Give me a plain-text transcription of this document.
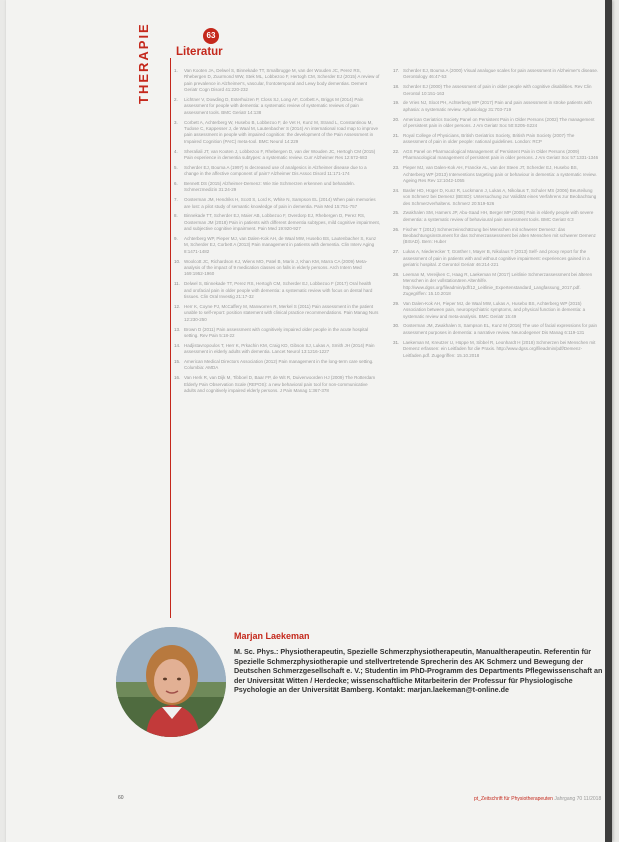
THERAPIE	63
Literatur
1.	Van Kooten JA, Delwel S, Binnekade TT, Smalbrugge M, van der Wouden JC, Perez RS, Rhebergen D, Zuurmond WW, Stek ML, Lobbezoo F, Hertogh CM, Scherder EJ (2015) A review of pain prevalence in Alzheimer's, vascular, frontotemporal and Lewy body dementias. Dement Geriatr Cogn Disord 41:220-232
2.	Lichtner V, Dowding D, Esterhuizen P, Closs SJ, Long AF, Corbett A, Briggs M (2014) Pain assessment for people with dementia: a systematic review of systematic reviews of pain assessment tools. BMC Geriatr 14:138
3.	Corbett A, Achterberg W, Husebo B, Lobbezoo F, de Vet H, Kunz M, Strand L, Constantinou M, Tudose C, Kappesser J, de Waal M, Lautenbacher S (2014) An international road map to improve pain assessment in people with impaired cognition: the development of the Pain Assessment in Impaired Cognition (PAIC) meta-tool. BMC Neurol 14:229
4.	Sheraliali JT, van Kooten J, Lobbezoo F, Rhebergen D, van der Wouden JC, Hertogh CM (2015) Pain experience in dementia subtypes: a systematic review. Curr Alzheimer Res 12:672-683
5.	Scherder EJ, Bouma A (1997) Is decreased use of analgesics in Alzheimer disease due to a change in the affective component of pain? Alzheimer Dis Assoc Disord 11:171-174
6.	Bennett DS (2015) Alzheimer-Demenz: Wie Sie Schmerzen erkennen und behandeln. Schmerzmedizin 31:24-29
7.	Oosterman JM, Hendriks H, Scott S, Lord K, White N, Sampson EL (2014) When pain memories are lost: a pilot study of semantic knowledge of pain in dementia. Pain Med 15:751-757
8.	Binnekade TT, Scherder EJ, Maier AB, Lobbezoo F, Overdorp EJ, Rhebergen D, Perez RS, Oosterman JM (2018) Pain in patients with different dementia subtypes, mild cognitive impairment, and subjective cognitive impairment. Pain Med 19:920-927
9.	Achterberg WP, Pieper MJ, van Dalen-Kok AH, de Waal MW, Husebo BS, Lautenbacher S, Kunz M, Scherder EJ, Corbett A (2013) Pain management in patients with dementia. Clin Interv Aging 8:1471-1482
10. Woolcott JC, Richardson KJ, Wiens MO, Patel B, Marin J, Khan KM, Marra CA (2009) Meta-analysis of the impact of 9 medication classes on falls in elderly persons. Arch Intern Med 169:1952-1960
11. Delwel S, Binnekade TT, Perez RS, Hertogh CM, Scherder EJ, Lobbezoo F (2017) Oral health and orofacial pain in older people with dementia: a systematic review with focus on dental hard tissues. Clin Oral Investig 21:17-32
12. Herr K, Coyne PJ, McCaffery M, Manworren R, Merkel S (2011) Pain assessment in the patient unable to self-report: position statement with clinical practice recommendations. Pain Manag Nurs 12:230-250
13. Brown D (2011) Pain assessment with cognitively impaired older people in the acute hospital setting. Rev Pain 5:18-22
14. Hadjistavropoulos T, Herr K, Prkachin KM, Craig KD, Gibson SJ, Lukas A, Smith JH (2014) Pain assessment in elderly adults with dementia. Lancet Neurol 13:1216-1227
15. American Medical Directors Association (2012) Pain management in the long-term care setting. Columbia: AMDA
16. Van Herk R, van Dijk M, Tibboel D, Baar FP, de Wit R, Duivenvoorden HJ (2009) The Rotterdam Elderly Pain Observation Scale (REPOS): a new behavioral pain tool for non-communicative adults and cognitively impaired elderly persons. J Pain Manag 1:367-378
17. Scherder EJ, Bouma A (2000) Visual analogue scales for pain assessment in Alzheimer's disease. Gerontology 46:47-53
18. Scherder EJ (2000) The assessment of pain in older people with cognitive disabilities. Rev Clin Gerontol 10:151-163
19. de Vries NJ, Sloot PH, Achterberg WP (2017) Pain and pain assessment in stroke patients with aphasia: a systematic review. Aphasiology 31:703-719
20. American Geriatrics Society Panel on Persistent Pain in Older Persons (2002) The management of persistent pain in older persons. J Am Geriatr Soc 50:S205-S224
21. Royal College of Physicians, British Geriatrics Society, British Pain Society (2007) The assessment of pain in older people: national guidelines. London: RCP
22. AGS Panel on Pharmacological Management of Persistent Pain in Older Persons (2009) Pharmacological management of persistent pain in older persons. J Am Geriatr Soc 57:1331-1346
23. Pieper MJ, van Dalen-Kok AH, Francke AL, van der Steen JT, Scherder EJ, Husebo BS, Achterberg WP (2013) Interventions targeting pain or behaviour in dementia: a systematic review. Ageing Res Rev 12:1042-1055
24. Basler HD, Hüger D, Kunz R, Luckmann J, Lukas A, Nikolaus T, Schuler MS (2006) Beurteilung von Schmerz bei Demenz (BESD): Untersuchung zur Validität eines Verfahrens zur Beobachtung des Schmerzverhaltens. Schmerz 20:519-526
25. Zwakhalen SM, Hamers JP, Abu-Saad HH, Berger MP (2006) Pain in elderly people with severe dementia: a systematic review of behavioural pain assessment tools. BMC Geriatr 6:3
26. Fischer T (2012) Schmerzeinschätzung bei Menschen mit schwerer Demenz: das Beobachtungsinstrument für das Schmerzassessment bei alten Menschen mit schwerer Demenz (BISAD). Bern: Huber
27. Lukas A, Niederecker T, Günther I, Mayer B, Nikolaus T (2013) Self- and proxy report for the assessment of pain in patients with and without cognitive impairment: experiences gained in a geriatric hospital. Z Gerontol Geriatr 46:214-221
28. Leeman M, Vereijken C, Haag R, Laekeman M (2017) Leitlinie Schmerzassessment bei älteren Menschen in der vollstationären Altenhilfe. http://www.dgss.org/fileadmin/pdf/12_Leitlinie_Expertenstandard_Langfassung_2017.pdf. Zugegriffen: 15.10.2018
29. Van Dalen-Kok AH, Pieper MJ, de Waal MW, Lukas A, Husebo BS, Achterberg WP (2015) Association between pain, neuropsychiatric symptoms, and physical function in dementia: a systematic review and meta-analysis. BMC Geriatr 15:49
30. Oosterman JM, Zwakhalen S, Sampson EL, Kunz M (2016) The use of facial expressions for pain assessment purposes in dementia: a narrative review. Neurodegener Dis Manag 6:119-131
31. Laekeman M, Kreutzer U, Hüppe M, Sibbel R, Leonhardt H (2018) Schmerzen bei Menschen mit Demenz erfassen: ein Leitfaden für die Praxis. http://www.dgss.org/fileadmin/pdf/Demenz-Leitfaden.pdf. Zugegriffen: 15.10.2018
Marjan Laekeman
M. Sc. Phys.: Physiotherapeutin, Spezielle Schmerzphysiotherapeutin, Manualtherapeutin. Referentin für Spezielle Schmerzphysiotherapie und stellvertretende Sprecherin des AK Schmerz und Bewegung der Deutschen Schmerzgesellschaft e. V.; Studentin im PhD-Programm des Departments Pflegewissenschaft an der Universität Witten / Herdecke; wissenschaftliche Mitarbeiterin der Professur für Physiologische Psychologie an der Universität Bamberg. Kontakt: marjan.laekeman@t-online.de
60	pt_Zeitschrift für Physiotherapeuten Jahrgang 70 11/2018
